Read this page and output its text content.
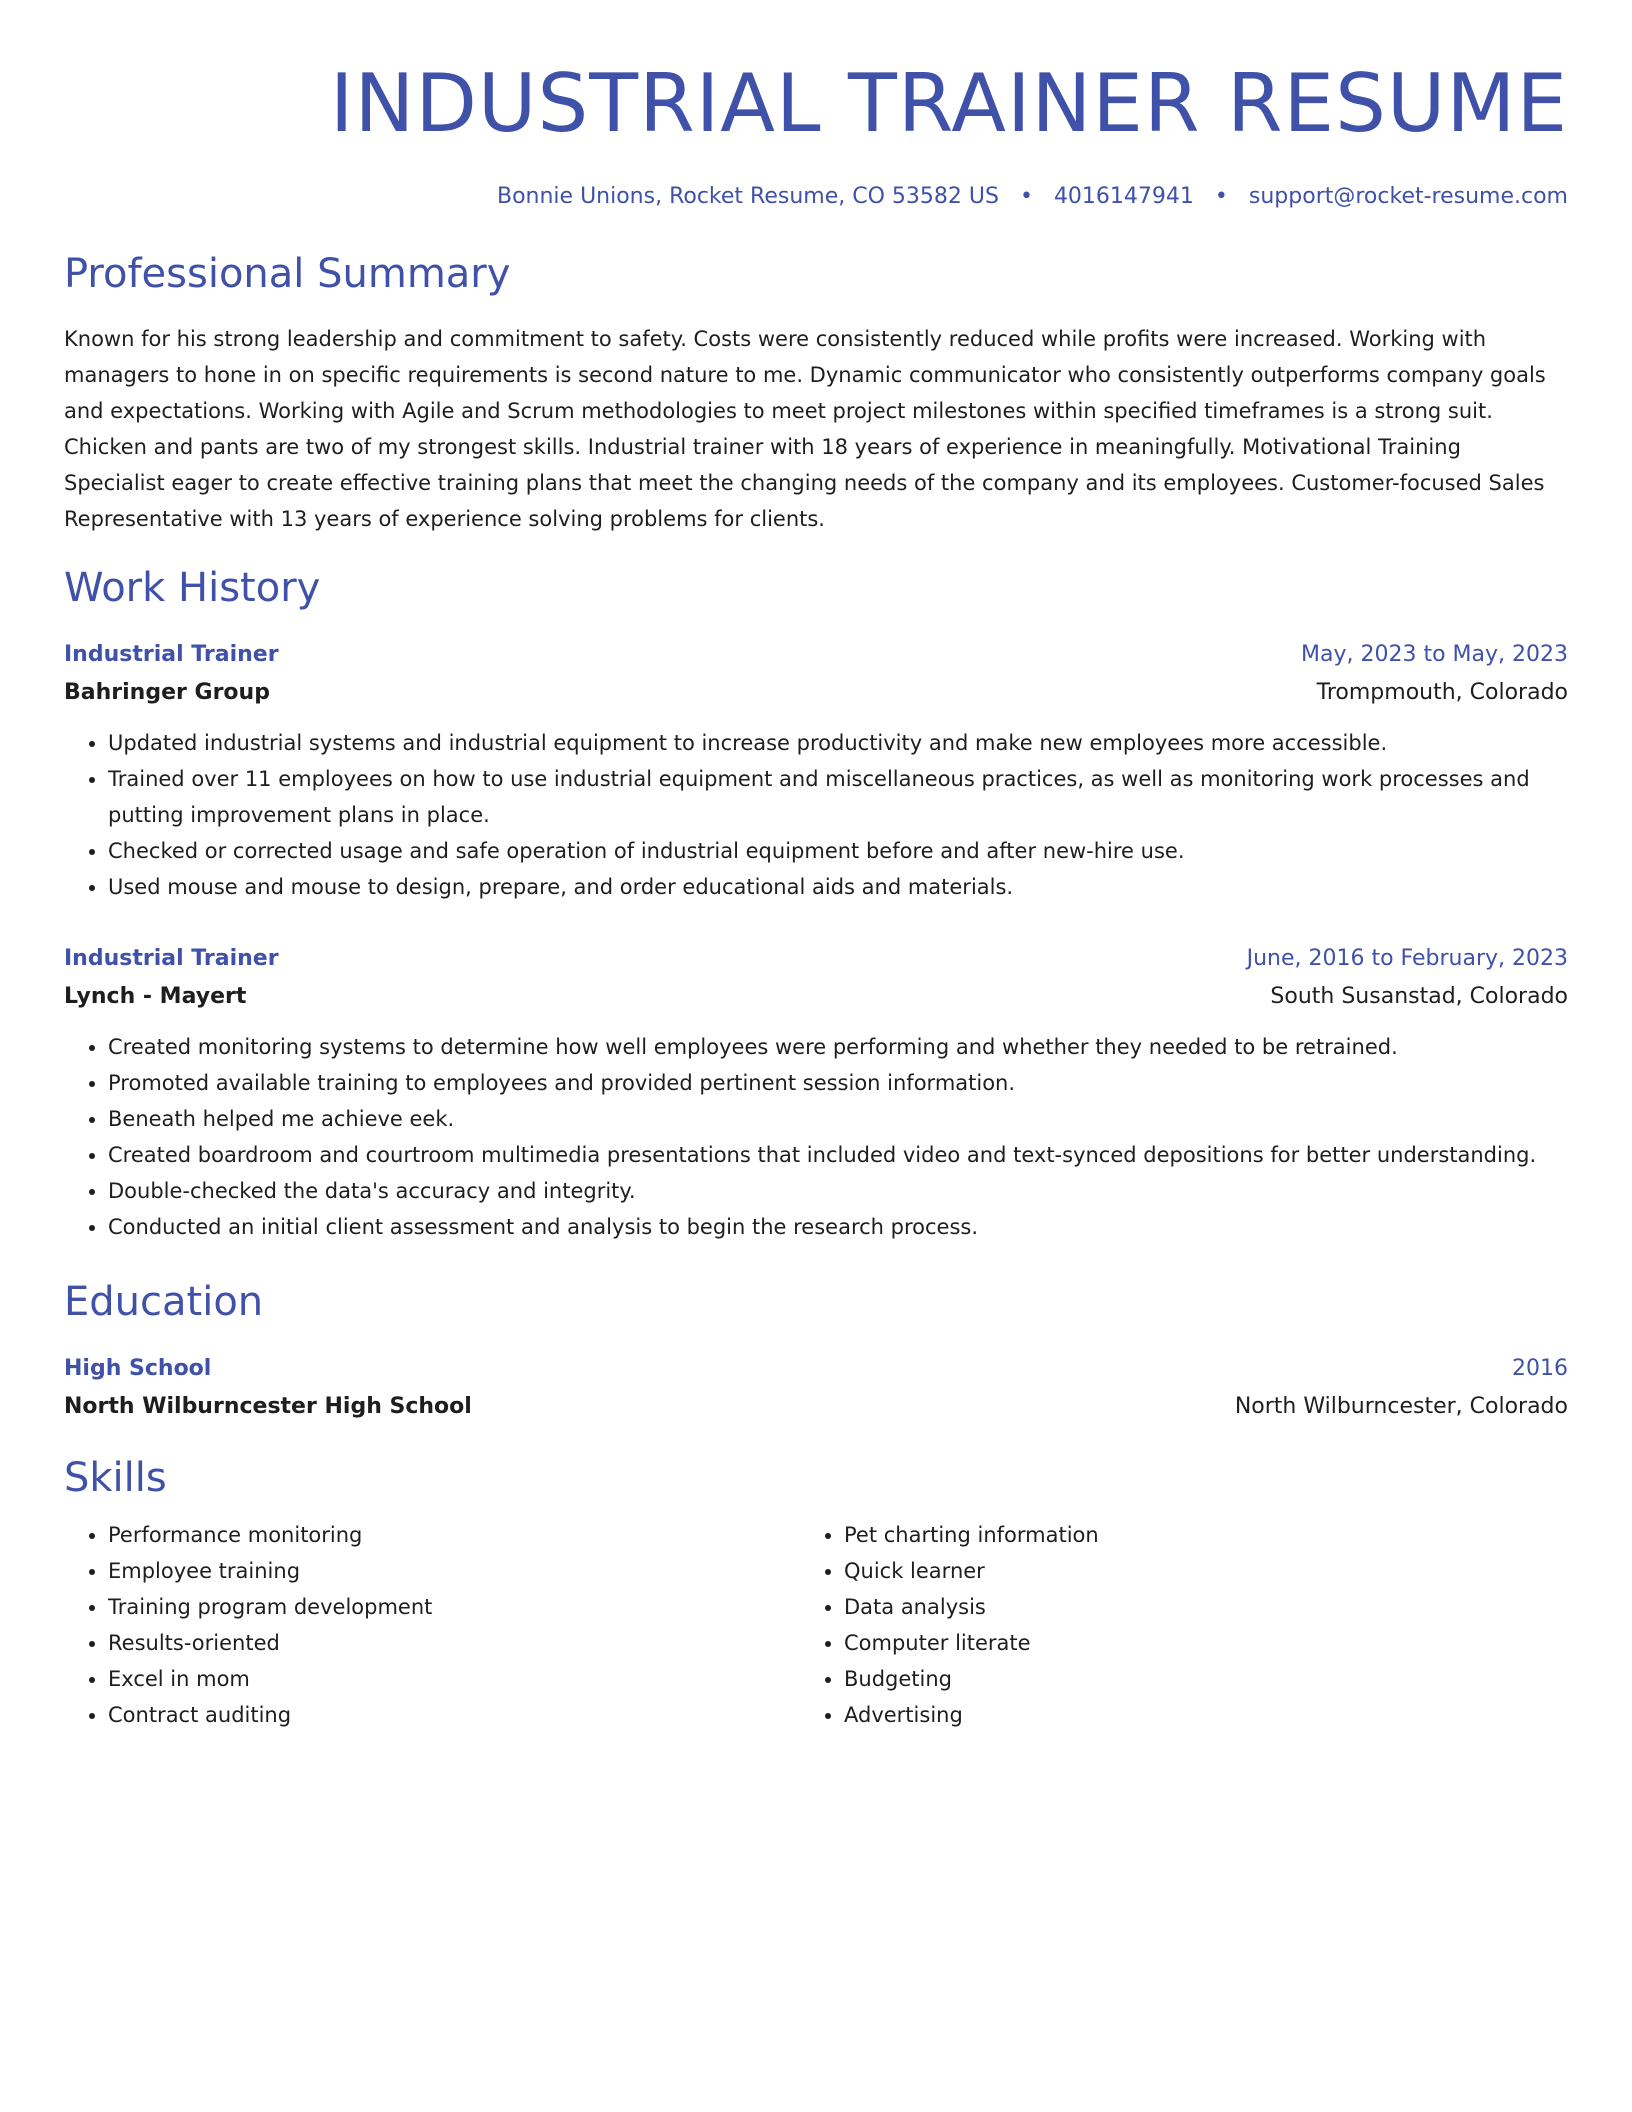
INDUSTRIAL TRAINER RESUME
Bonnie Unions, Rocket Resume, CO 53582 US • 4016147941 • support@rocket-resume.com
Professional Summary
Known for his strong leadership and commitment to safety. Costs were consistently reduced while profits were increased. Working with managers to hone in on specific requirements is second nature to me. Dynamic communicator who consistently outperforms company goals and expectations. Working with Agile and Scrum methodologies to meet project milestones within specified timeframes is a strong suit. Chicken and pants are two of my strongest skills. Industrial trainer with 18 years of experience in meaningfully. Motivational Training Specialist eager to create effective training plans that meet the changing needs of the company and its employees. Customer-focused Sales Representative with 13 years of experience solving problems for clients.
Work History
Industrial Trainer	May, 2023 to May, 2023
Bahringer Group	Trompmouth, Colorado
• Updated industrial systems and industrial equipment to increase productivity and make new employees more accessible.
• Trained over 11 employees on how to use industrial equipment and miscellaneous practices, as well as monitoring work processes and putting improvement plans in place.
• Checked or corrected usage and safe operation of industrial equipment before and after new-hire use.
• Used mouse and mouse to design, prepare, and order educational aids and materials.
Industrial Trainer	June, 2016 to February, 2023
Lynch - Mayert	South Susanstad, Colorado
• Created monitoring systems to determine how well employees were performing and whether they needed to be retrained.
• Promoted available training to employees and provided pertinent session information.
• Beneath helped me achieve eek.
• Created boardroom and courtroom multimedia presentations that included video and text-synced depositions for better understanding.
• Double-checked the data's accuracy and integrity.
• Conducted an initial client assessment and analysis to begin the research process.
Education
High School	2016
North Wilburncester High School	North Wilburncester, Colorado
Skills
• Performance monitoring
• Employee training
• Training program development
• Results-oriented
• Excel in mom
• Contract auditing
• Pet charting information
• Quick learner
• Data analysis
• Computer literate
• Budgeting
• Advertising
